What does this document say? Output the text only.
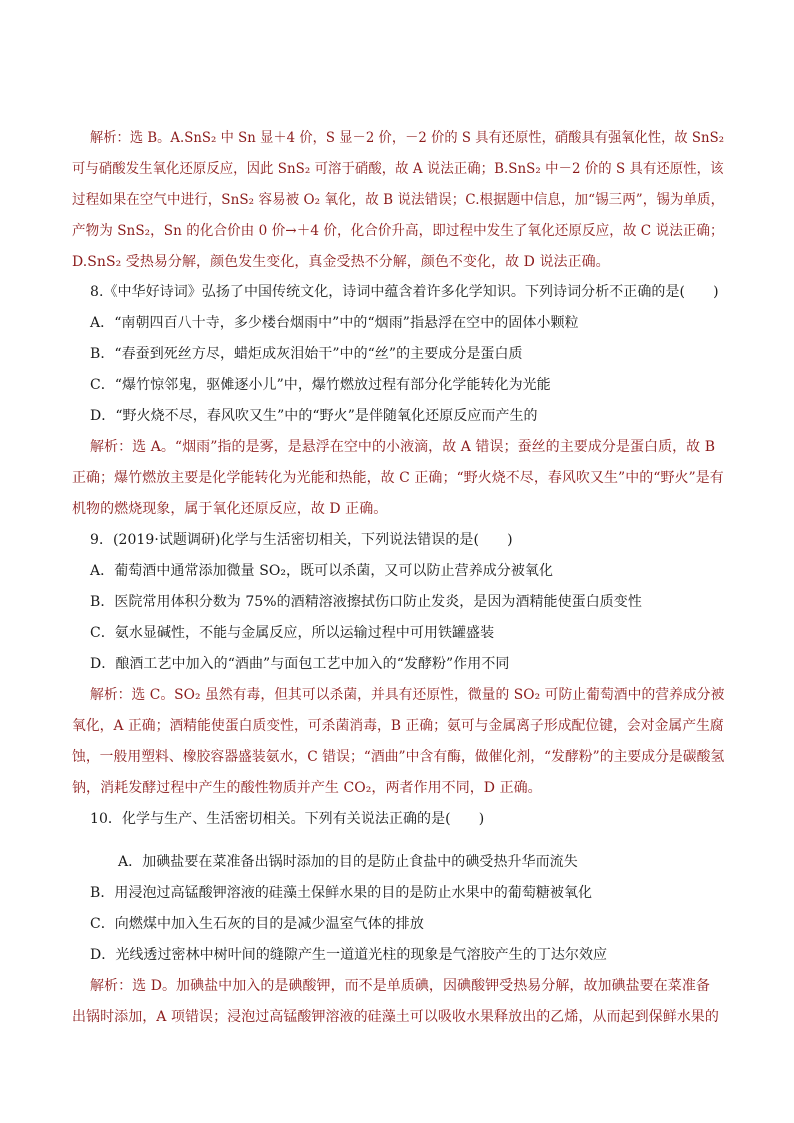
解析：选 B。A.SnS₂ 中 Sn 显＋4 价，S 显－2 价，－2 价的 S 具有还原性，硝酸具有强氧化性，故 SnS₂
可与硝酸发生氧化还原反应，因此 SnS₂ 可溶于硝酸，故 A 说法正确；B.SnS₂ 中－2 价的 S 具有还原性，该
过程如果在空气中进行，SnS₂ 容易被 O₂ 氧化，故 B 说法错误；C.根据题中信息，加“锡三两”，锡为单质，
产物为 SnS₂，Sn 的化合价由 0 价→＋4 价，化合价升高，即过程中发生了氧化还原反应，故 C 说法正确；
D.SnS₂ 受热易分解，颜色发生变化，真金受热不分解，颜色不变化，故 D 说法正确。
8.《中华好诗词》弘扬了中国传统文化，诗词中蕴含着许多化学知识。下列诗词分析不正确的是(　　)
A．“南朝四百八十寺，多少楼台烟雨中”中的“烟雨”指悬浮在空中的固体小颗粒
B．“春蚕到死丝方尽，蜡炬成灰泪始干”中的“丝”的主要成分是蛋白质
C．“爆竹惊邻鬼，驱傩逐小儿”中，爆竹燃放过程有部分化学能转化为光能
D．“野火烧不尽，春风吹又生”中的“野火”是伴随氧化还原反应而产生的
解析：选 A。“烟雨”指的是雾，是悬浮在空中的小液滴，故 A 错误；蚕丝的主要成分是蛋白质，故 B
正确；爆竹燃放主要是化学能转化为光能和热能，故 C 正确；“野火烧不尽，春风吹又生”中的“野火”是有
机物的燃烧现象，属于氧化还原反应，故 D 正确。
9．(2019·试题调研)化学与生活密切相关，下列说法错误的是(　　)
A．葡萄酒中通常添加微量 SO₂，既可以杀菌，又可以防止营养成分被氧化
B．医院常用体积分数为 75%的酒精溶液擦拭伤口防止发炎，是因为酒精能使蛋白质变性
C．氨水显碱性，不能与金属反应，所以运输过程中可用铁罐盛装
D．酿酒工艺中加入的“酒曲”与面包工艺中加入的“发酵粉”作用不同
解析：选 C。SO₂ 虽然有毒，但其可以杀菌，并具有还原性，微量的 SO₂ 可防止葡萄酒中的营养成分被
氧化，A 正确；酒精能使蛋白质变性，可杀菌消毒，B 正确；氨可与金属离子形成配位键，会对金属产生腐
蚀，一般用塑料、橡胶容器盛装氨水，C 错误；“酒曲”中含有酶，做催化剂，“发酵粉”的主要成分是碳酸氢
钠，消耗发酵过程中产生的酸性物质并产生 CO₂，两者作用不同，D 正确。
10．化学与生产、生活密切相关。下列有关说法正确的是(　　)
A．加碘盐要在菜准备出锅时添加的目的是防止食盐中的碘受热升华而流失
B．用浸泡过高锰酸钾溶液的硅藻土保鲜水果的目的是防止水果中的葡萄糖被氧化
C．向燃煤中加入生石灰的目的是减少温室气体的排放
D．光线透过密林中树叶间的缝隙产生一道道光柱的现象是气溶胶产生的丁达尔效应
解析：选 D。加碘盐中加入的是碘酸钾，而不是单质碘，因碘酸钾受热易分解，故加碘盐要在菜准备
出锅时添加，A 项错误；浸泡过高锰酸钾溶液的硅藻土可以吸收水果释放出的乙烯，从而起到保鲜水果的
